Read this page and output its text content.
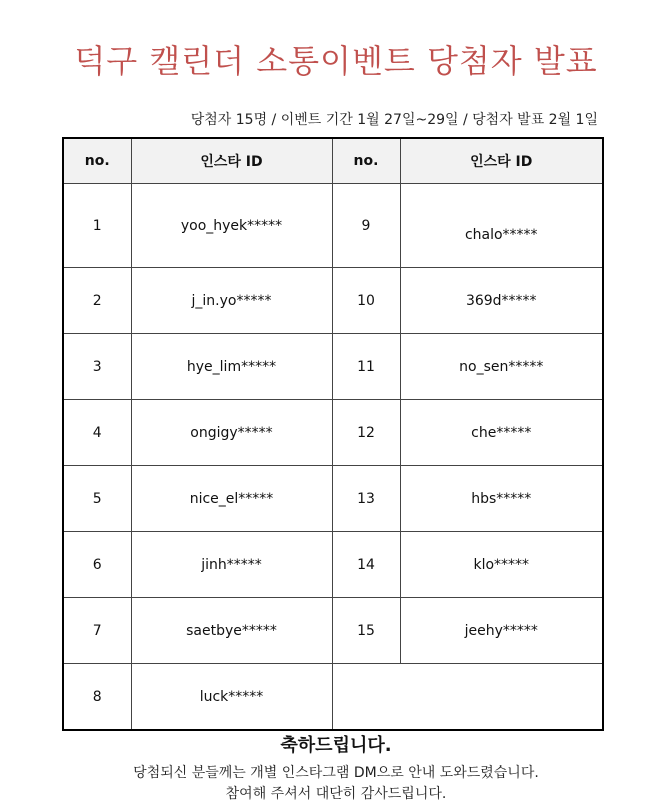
덕구 캘린더 소통이벤트 당첨자 발표
당첨자 15명 / 이벤트 기간 1월 27일~29일 / 당첨자 발표 2월 1일
no.	인스타 ID	no.	인스타 ID
1	yoo_hyek*****	9	chalo*****
2	j_in.yo*****	10	369d*****
3	hye_lim*****	11	no_sen*****
4	ongigy*****	12	che*****
5	nice_el*****	13	hbs*****
6	jinh*****	14	klo*****
7	saetbye*****	15	jeehy*****
8	luck*****		
축하드립니다.
당첨되신 분들께는 개별 인스타그램 DM으로 안내 도와드렸습니다.
참여해 주셔서 대단히 감사드립니다.
